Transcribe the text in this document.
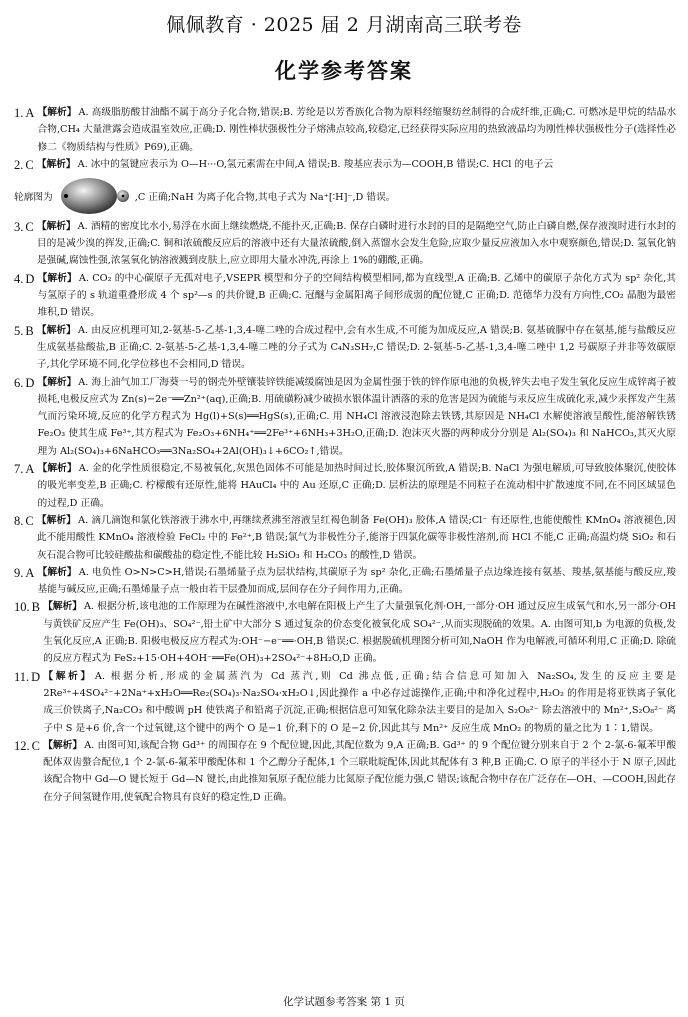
佩佩教育 · 2025 届 2 月湖南高三联考卷
化学参考答案
1. A 【解析】 A. 高级脂肪酸甘油酯不属于高分子化合物,错误;B. 芳纶是以芳香族化合物为原料经缩聚纺丝制得的合成纤维,正确;C. 可燃冰是甲烷的结晶水合物,CH₄ 大量泄露会造成温室效应,正确;D. 刚性棒状强极性分子熔沸点较高,较稳定,已经获得实际应用的热致液晶均为刚性棒状强极性分子(选择性必修二《物质结构与性质》P69),正确。
2. C 【解析】 A. 冰中的氢键应表示为 O—H···O,氢元素需在中间,A 错误;B. 羧基应表示为—COOH,B 错误;C. HCl 的电子云
轮廓图为	,C 正确;NaH 为离子化合物,其电子式为 Na⁺[∶H]⁻,D 错误。
3. C 【解析】 A. 酒精的密度比水小,易浮在水面上继续燃烧,不能扑灭,正确;B. 保存白磷时进行水封的目的是隔绝空气,防止白磷自燃,保存液溴时进行水封的目的是减少溴的挥发,正确;C. 铜和浓硫酸反应后的溶液中还有大量浓硫酸,倒入蒸馏水会发生危险,应取少量反应液加入水中观察颜色,错误;D. 氢氧化钠是强碱,腐蚀性强,浓氢氧化钠溶液溅到皮肤上,应立即用大量水冲洗,再涂上 1%的硼酸,正确。
4. D 【解析】 A. CO₂ 的中心碳原子无孤对电子,VSEPR 模型和分子的空间结构模型相同,都为直线型,A 正确;B. 乙烯中的碳原子杂化方式为 sp² 杂化,其与氢原子的 s 轨道重叠形成 4 个 sp²—s 的共价键,B 正确;C. 冠醚与金属阳离子间形成弱的配位键,C 正确;D. 范德华力没有方向性,CO₂ 晶胞为最密堆积,D 错误。
5. B 【解析】 A. 由反应机理可知,2-氨基-5-乙基-1,3,4-噻二唑的合成过程中,会有水生成,不可能为加成反应,A 错误;B. 氨基硫脲中存在氨基,能与盐酸反应生成氨基盐酸盐,B 正确;C. 2-氨基-5-乙基-1,3,4-噻二唑的分子式为 C₄N₃SH₇,C 错误;D. 2-氨基-5-乙基-1,3,4-噻二唑中 1,2 号碳原子并非等效碳原子,其化学环境不同,化学位移也不会相同,D 错误。
6. D 【解析】 A. 海上油气加工厂海葵一号的钢壳外壁镶装锌铁能减缓腐蚀是因为金属性强于铁的锌作原电池的负极,锌失去电子发生氧化反应生成锌离子被损耗,电极反应式为 Zn(s)−2e⁻══Zn²⁺(aq),正确;B. 用硫磺粉减少破损水银体温计洒落的汞的危害是因为硫能与汞反应生成硫化汞,减少汞挥发产生蒸气而污染环境,反应的化学方程式为 Hg(l)+S(s)══HgS(s),正确;C. 用 NH₄Cl 溶液浸泡除去铁锈,其原因是 NH₄Cl 水解使溶液呈酸性,能溶解铁锈 Fe₂O₃ 使其生成 Fe³⁺,其方程式为 Fe₂O₃+6NH₄⁺══2Fe³⁺+6NH₃+3H₂O,正确;D. 泡沫灭火器的两种成分分别是 Al₂(SO₄)₃ 和 NaHCO₃,其灭火原理为 Al₂(SO₄)₃+6NaHCO₃══3Na₂SO₄+2Al(OH)₃↓+6CO₂↑,错误。
7. A 【解析】 A. 金的化学性质很稳定,不易被氧化,灰黑色固体不可能是加热时间过长,胶体聚沉所致,A 错误;B. NaCl 为强电解质,可导致胶体聚沉,使胶体的吸光率变差,B 正确;C. 柠檬酸有还原性,能将 HAuCl₄ 中的 Au 还原,C 正确;D. 层析法的原理是不同粒子在流动相中扩散速度不同,在不同区域显色的过程,D 正确。
8. C 【解析】 A. 滴几滴饱和氯化铁溶液于沸水中,再继续煮沸至溶液呈红褐色制备 Fe(OH)₃ 胶体,A 错误;Cl⁻ 有还原性,也能使酸性 KMnO₄ 溶液褪色,因此不能用酸性 KMnO₄ 溶液检验 FeCl₂ 中的 Fe²⁺,B 错误;氯气为非极性分子,能溶于四氯化碳等非极性溶剂,而 HCl 不能,C 正确;高温灼烧 SiO₂ 和石灰石混合物可比较硅酸盐和碳酸盐的稳定性,不能比较 H₂SiO₃ 和 H₂CO₃ 的酸性,D 错误。
9. A 【解析】 A. 电负性 O>N>C>H,错误;石墨烯量子点为层状结构,其碳原子为 sp² 杂化,正确;石墨烯量子点边缘连接有氨基、羧基,氨基能与酸反应,羧基能与碱反应,正确;石墨烯量子点一般由若干层叠加而成,层间存在分子间作用力,正确。
10. B 【解析】 A. 根据分析,该电池的工作原理为在碱性溶液中,水电解在阳极上产生了大量强氧化剂·OH,一部分·OH 通过反应生成氧气和水,另一部分·OH 与黄铁矿反应产生 Fe(OH)₃、SO₄²⁻,铅土矿中大部分 S 通过复杂的价态变化被氧化成 SO₄²⁻,从而实现脱硫的效果。A. 由图可知,b 为电源的负极,发生氧化反应,A 正确;B. 阳极电极反应方程式为:OH⁻−e⁻══·OH,B 错误;C. 根据脱硫机理图分析可知,NaOH 作为电解液,可循环利用,C 正确;D. 除硫的反应方程式为 FeS₂+15·OH+4OH⁻══Fe(OH)₃+2SO₄²⁻+8H₂O,D 正确。
11. D 【解析】 A. 根据分析,形成的金属蒸汽为 Cd 蒸汽,则 Cd 沸点低,正确;结合信息可知加入 Na₂SO₄,发生的反应主要是 2Re³⁺+4SO₄²⁻+2Na⁺+xH₂O══Re₂(SO₄)₃·Na₂SO₄·xH₂O↓,因此操作 a 中必存过滤操作,正确;中和净化过程中,H₂O₂ 的作用是将亚铁离子氧化成三价铁离子,Na₂CO₃ 和中酸调 pH 使铁离子和铅离子沉淀,正确;根据信息可知氧化除杂法主要目的是加入 S₂O₈²⁻ 除去溶液中的 Mn²⁺,S₂O₈²⁻ 离子中 S 是+6 价,含一个过氧键,这个键中的两个 O 是−1 价,剩下的 O 是−2 价,因此其与 Mn²⁺ 反应生成 MnO₂ 的物质的量之比为 1∶1,错误。
12. C 【解析】 A. 由图可知,该配合物 Gd³⁺ 的周围存在 9 个配位键,因此,其配位数为 9,A 正确;B. Gd³⁺ 的 9 个配位键分别来自于 2 个 2-氯-6-氟苯甲酸配体双齿螯合配位,1 个 2-氯-6-氟苯甲酸配体和 1 个乙醇分子配体,1 个三联吡啶配体,因此其配体有 3 种,B 正确;C. O 原子的半径小于 N 原子,因此该配合物中 Gd—O 键长短于 Gd—N 键长,由此推知氧原子配位能力比氮原子配位能力强,C 错误;该配合物中存在广泛存在—OH、—COOH,因此存在分子间氢键作用,使氧配合物具有良好的稳定性,D 正确。
化学试题参考答案 第 1 页
